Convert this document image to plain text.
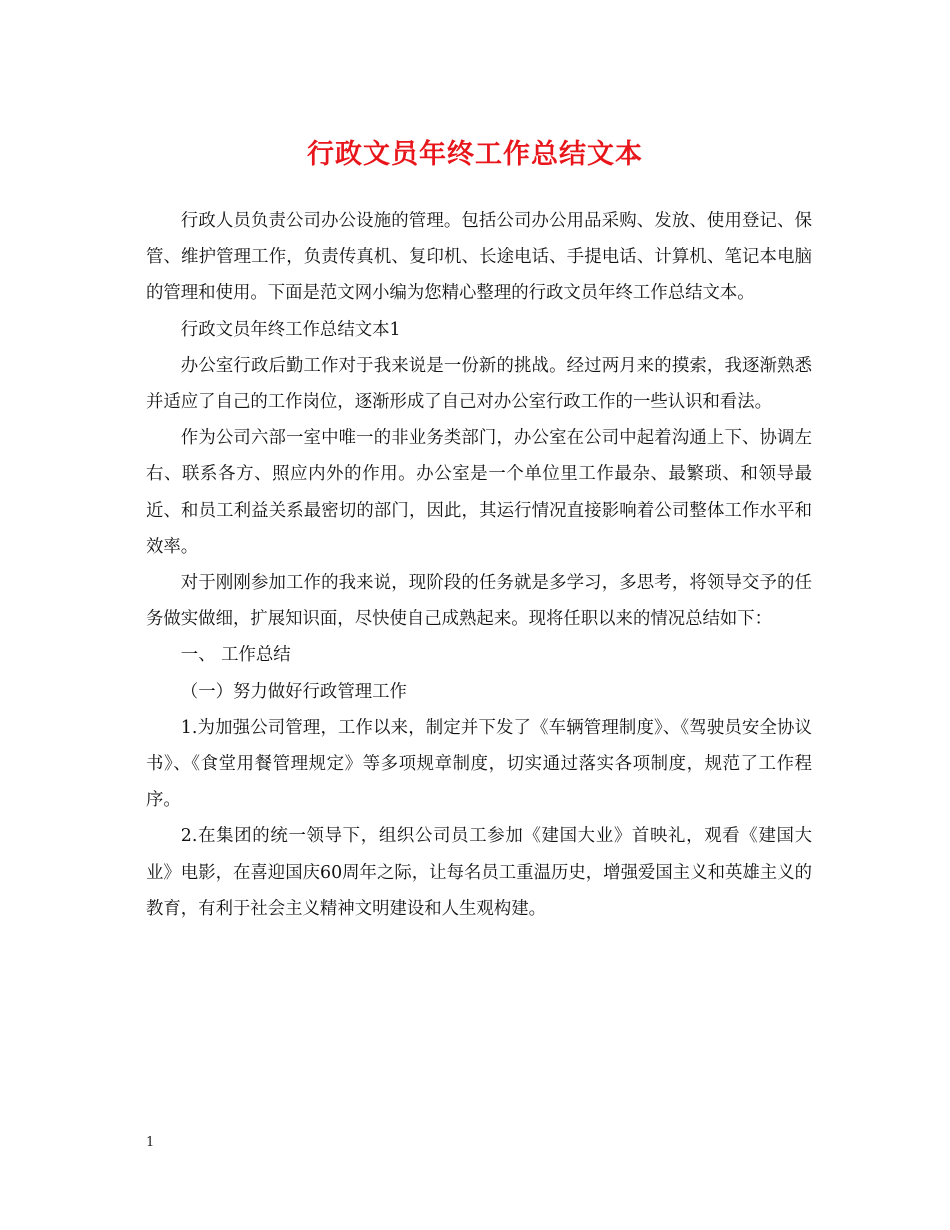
行政文员年终工作总结文本

行政人员负责公司办公设施的管理。包括公司办公用品采购、发放、使用登记、保管、维护管理工作，负责传真机、复印机、长途电话、手提电话、计算机、笔记本电脑的管理和使用。下面是范文网小编为您精心整理的行政文员年终工作总结文本。

行政文员年终工作总结文本1

办公室行政后勤工作对于我来说是一份新的挑战。经过两月来的摸索，我逐渐熟悉并适应了自己的工作岗位，逐渐形成了自己对办公室行政工作的一些认识和看法。

作为公司六部一室中唯一的非业务类部门，办公室在公司中起着沟通上下、协调左右、联系各方、照应内外的作用。办公室是一个单位里工作最杂、最繁琐、和领导最近、和员工利益关系最密切的部门，因此，其运行情况直接影响着公司整体工作水平和效率。

对于刚刚参加工作的我来说，现阶段的任务就是多学习，多思考，将领导交予的任务做实做细，扩展知识面，尽快使自己成熟起来。现将任职以来的情况总结如下：

一、 工作总结

（一）努力做好行政管理工作

1.为加强公司管理，工作以来，制定并下发了《车辆管理制度》、《驾驶员安全协议书》、《食堂用餐管理规定》等多项规章制度，切实通过落实各项制度，规范了工作程序。

2.在集团的统一领导下，组织公司员工参加《建国大业》首映礼，观看《建国大业》电影，在喜迎国庆60周年之际，让每名员工重温历史，增强爱国主义和英雄主义的教育，有利于社会主义精神文明建设和人生观构建。

1
